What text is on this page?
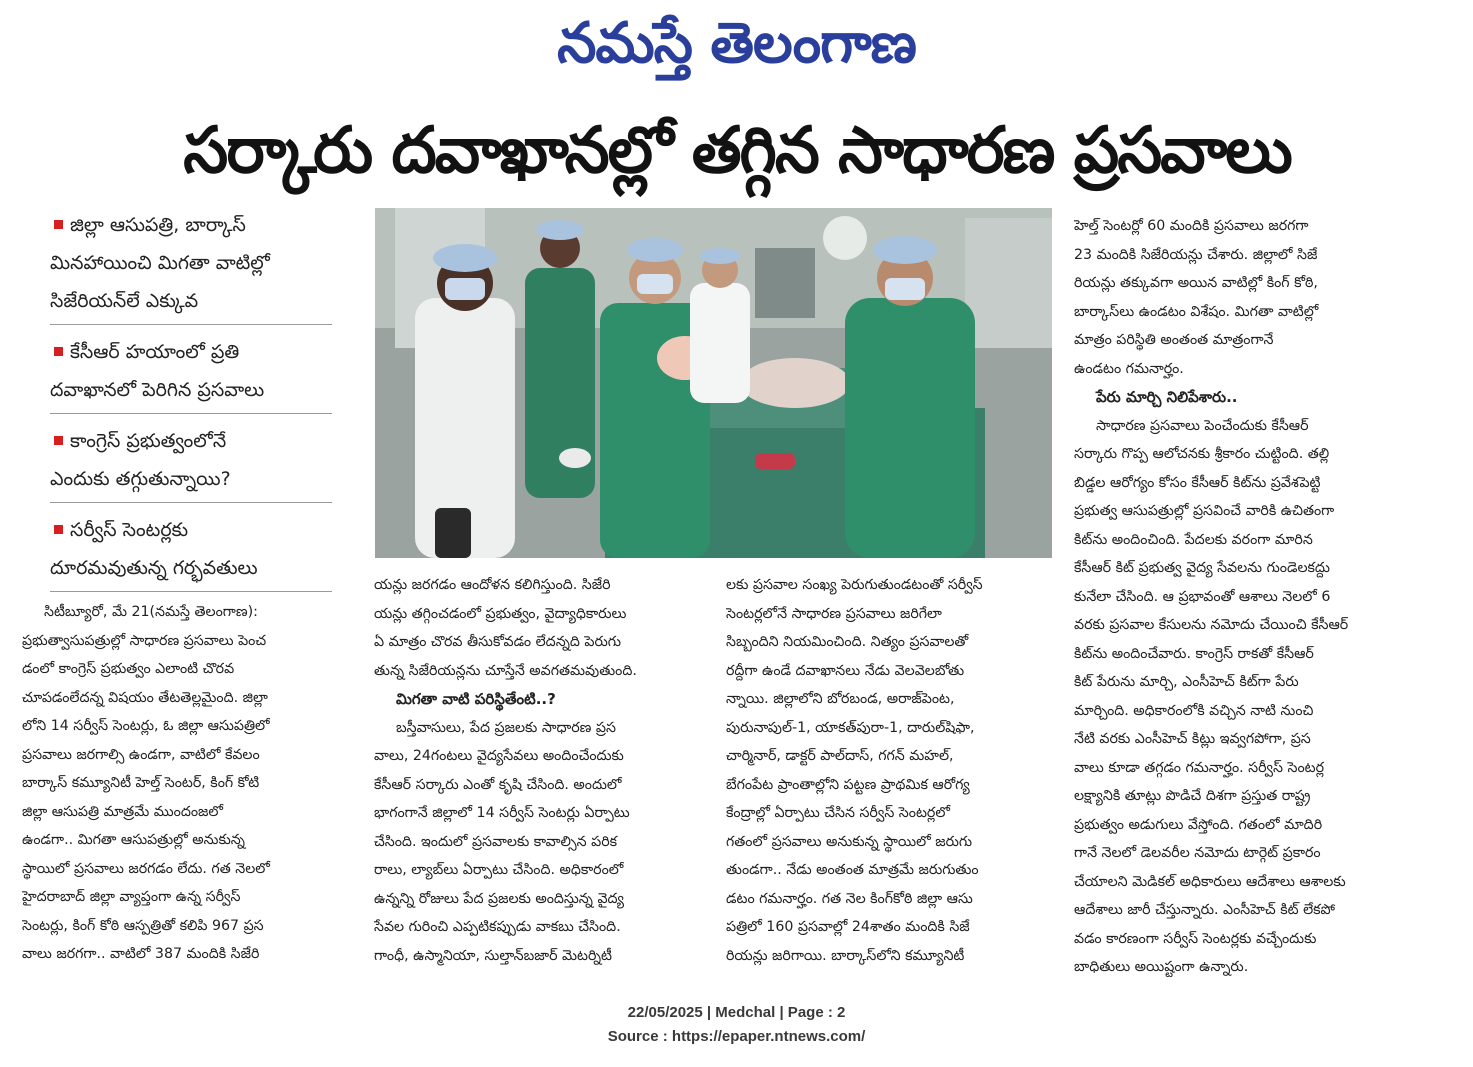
నమస్తే తెలంగాణ
సర్కారు దవాఖానల్లో తగ్గిన సాధారణ ప్రసవాలు
జిల్లా ఆసుపత్రి, బార్కాస్
మినహాయించి మిగతా వాటిల్లో
సిజేరియన్‌లే ఎక్కువ
కేసీఆర్ హయాంలో ప్రతి
దవాఖానలో పెరిగిన ప్రసవాలు
కాంగ్రెస్ ప్రభుత్వంలోనే
ఎందుకు తగ్గుతున్నాయి?
సర్వీస్ సెంటర్లకు
దూరమవుతున్న గర్భవతులు
సిటీబ్యూరో, మే 21(నమస్తే తెలంగాణ):
ప్రభుత్వాసుపత్రుల్లో సాధారణ ప్రసవాలు పెంచ
డంలో కాంగ్రెస్ ప్రభుత్వం ఎలాంటి చొరవ
చూపడంలేదన్న విషయం తేటతెల్లమైంది. జిల్లా
లోని 14 సర్వీస్ సెంటర్లు, ఓ జిల్లా ఆసుపత్రిలో
ప్రసవాలు జరగాల్సి ఉండగా, వాటిలో కేవలం
బార్కాస్ కమ్యూనిటీ హెల్త్ సెంటర్, కింగ్ కోటి
జిల్లా ఆసుపత్రి మాత్రమే ముందంజలో
ఉండగా.. మిగతా ఆసుపత్రుల్లో అనుకున్న
స్థాయిలో ప్రసవాలు జరగడం లేదు. గత నెలలో
హైదరాబాద్ జిల్లా వ్యాప్తంగా ఉన్న సర్వీస్
సెంటర్లు, కింగ్ కోఠి ఆస్పత్రితో కలిపి 967 ప్రస
వాలు జరగగా.. వాటిలో 387 మందికి సిజేరి
యన్లు జరగడం ఆందోళన కలిగిస్తుంది. సిజేరి
యన్లు తగ్గించడంలో ప్రభుత్వం, వైద్యాధికారులు
ఏ మాత్రం చొరవ తీసుకోవడం లేదన్నది పెరుగు
తున్న సిజేరియన్లను చూస్తేనే అవగతమవుతుంది.
మిగతా వాటి పరిస్థితేంటి..?
బస్తీవాసులు, పేద ప్రజలకు సాధారణ ప్రస
వాలు, 24గంటలు వైద్యసేవలు అందించేందుకు
కేసీఆర్ సర్కారు ఎంతో కృషి చేసింది. అందులో
భాగంగానే జిల్లాలో 14 సర్వీస్ సెంటర్లు ఏర్పాటు
చేసింది. ఇందులో ప్రసవాలకు కావాల్సిన పరిక
రాలు, ల్యాబ్‌లు ఏర్పాటు చేసింది. అధికారంలో
ఉన్నన్ని రోజులు పేద ప్రజలకు అందిస్తున్న వైద్య
సేవల గురించి ఎప్పటికప్పుడు వాకబు చేసింది.
గాంధీ, ఉస్మానియా, సుల్తాన్‌బజార్ మెటర్నిటీ
లకు ప్రసవాల సంఖ్య పెరుగుతుండటంతో సర్వీస్
సెంటర్లలోనే సాధారణ ప్రసవాలు జరిగేలా
సిబ్బందిని నియమించింది. నిత్యం ప్రసవాలతో
రద్దీగా ఉండే దవాఖానలు నేడు వెలవెలబోతు
న్నాయి. జిల్లాలోని బోరబండ, అరాజ్‌పెంట,
పురునాపుల్-1, యాకత్‌పురా-1, దారుల్‌షిఫా,
చార్మినార్, డాక్టర్ పాల్‌దాస్, గగన్ మహల్,
బేగంపేట ప్రాంతాల్లోని పట్టణ ప్రాథమిక ఆరోగ్య
కేంద్రాల్లో ఏర్పాటు చేసిన సర్వీస్ సెంటర్లలో
గతంలో ప్రసవాలు అనుకున్న స్థాయిలో జరుగు
తుండగా.. నేడు అంతంత మాత్రమే జరుగుతుం
డటం గమనార్హం. గత నెల కింగ్‌కోఠి జిల్లా ఆసు
పత్రిలో 160 ప్రసవాల్లో 24శాతం మందికి సిజే
రియన్లు జరిగాయి. బార్కాస్‌లోని కమ్యూనిటీ
హెల్త్ సెంటర్లో 60 మందికి ప్రసవాలు జరగగా
23 మందికి సిజేరియన్లు చేశారు. జిల్లాలో సిజే
రియన్లు తక్కువగా అయిన వాటిల్లో కింగ్ కోఠి,
బార్కాస్‌లు ఉండటం విశేషం. మిగతా వాటిల్లో
మాత్రం పరిస్థితి అంతంత మాత్రంగానే
ఉండటం గమనార్హం.
పేరు మార్చి నిలిపేశారు..
సాధారణ ప్రసవాలు పెంచేందుకు కేసీఆర్
సర్కారు గొప్ప ఆలోచనకు శ్రీకారం చుట్టింది. తల్లి
బిడ్డల ఆరోగ్యం కోసం కేసీఆర్ కిట్‌ను ప్రవేశపెట్టి
ప్రభుత్వ ఆసుపత్రుల్లో ప్రసవించే వారికి ఉచితంగా
కిట్‌ను అందించింది. పేదలకు వరంగా మారిన
కేసీఆర్ కిట్ ప్రభుత్వ వైద్య సేవలను గుండెలకద్దు
కునేలా చేసింది. ఆ ప్రభావంతో ఆశాలు నెలలో 6
వరకు ప్రసవాల కేసులను నమోదు చేయించి కేసీఆర్
కిట్‌ను అందించేవారు. కాంగ్రెస్ రాకతో కేసీఆర్
కిట్ పేరును మార్చి, ఎంసీహెచ్ కిట్‌గా పేరు
మార్చింది. అధికారంలోకి వచ్చిన నాటి నుంచి
నేటి వరకు ఎంసీహెచ్ కిట్లు ఇవ్వగపోగా, ప్రస
వాలు కూడా తగ్గడం గమనార్హం. సర్వీస్ సెంటర్ల
లక్ష్యానికి తూట్లు పొడిచే దిశగా ప్రస్తుత రాష్ట్ర
ప్రభుత్వం అడుగులు వేస్తోంది. గతంలో మాదిరి
గానే నెలలో డెలవరీల నమోదు టార్గెట్ ప్రకారం
చేయాలని మెడికల్ అధికారులు ఆదేశాలు ఆశాలకు
ఆదేశాలు జారీ చేస్తున్నారు. ఎంసీహెచ్ కిట్ లేకపో
వడం కారణంగా సర్వీస్ సెంటర్లకు వచ్చేందుకు
బాధితులు అయిష్టంగా ఉన్నారు.
22/05/2025 | Medchal | Page : 2
Source : https://epaper.ntnews.com/
